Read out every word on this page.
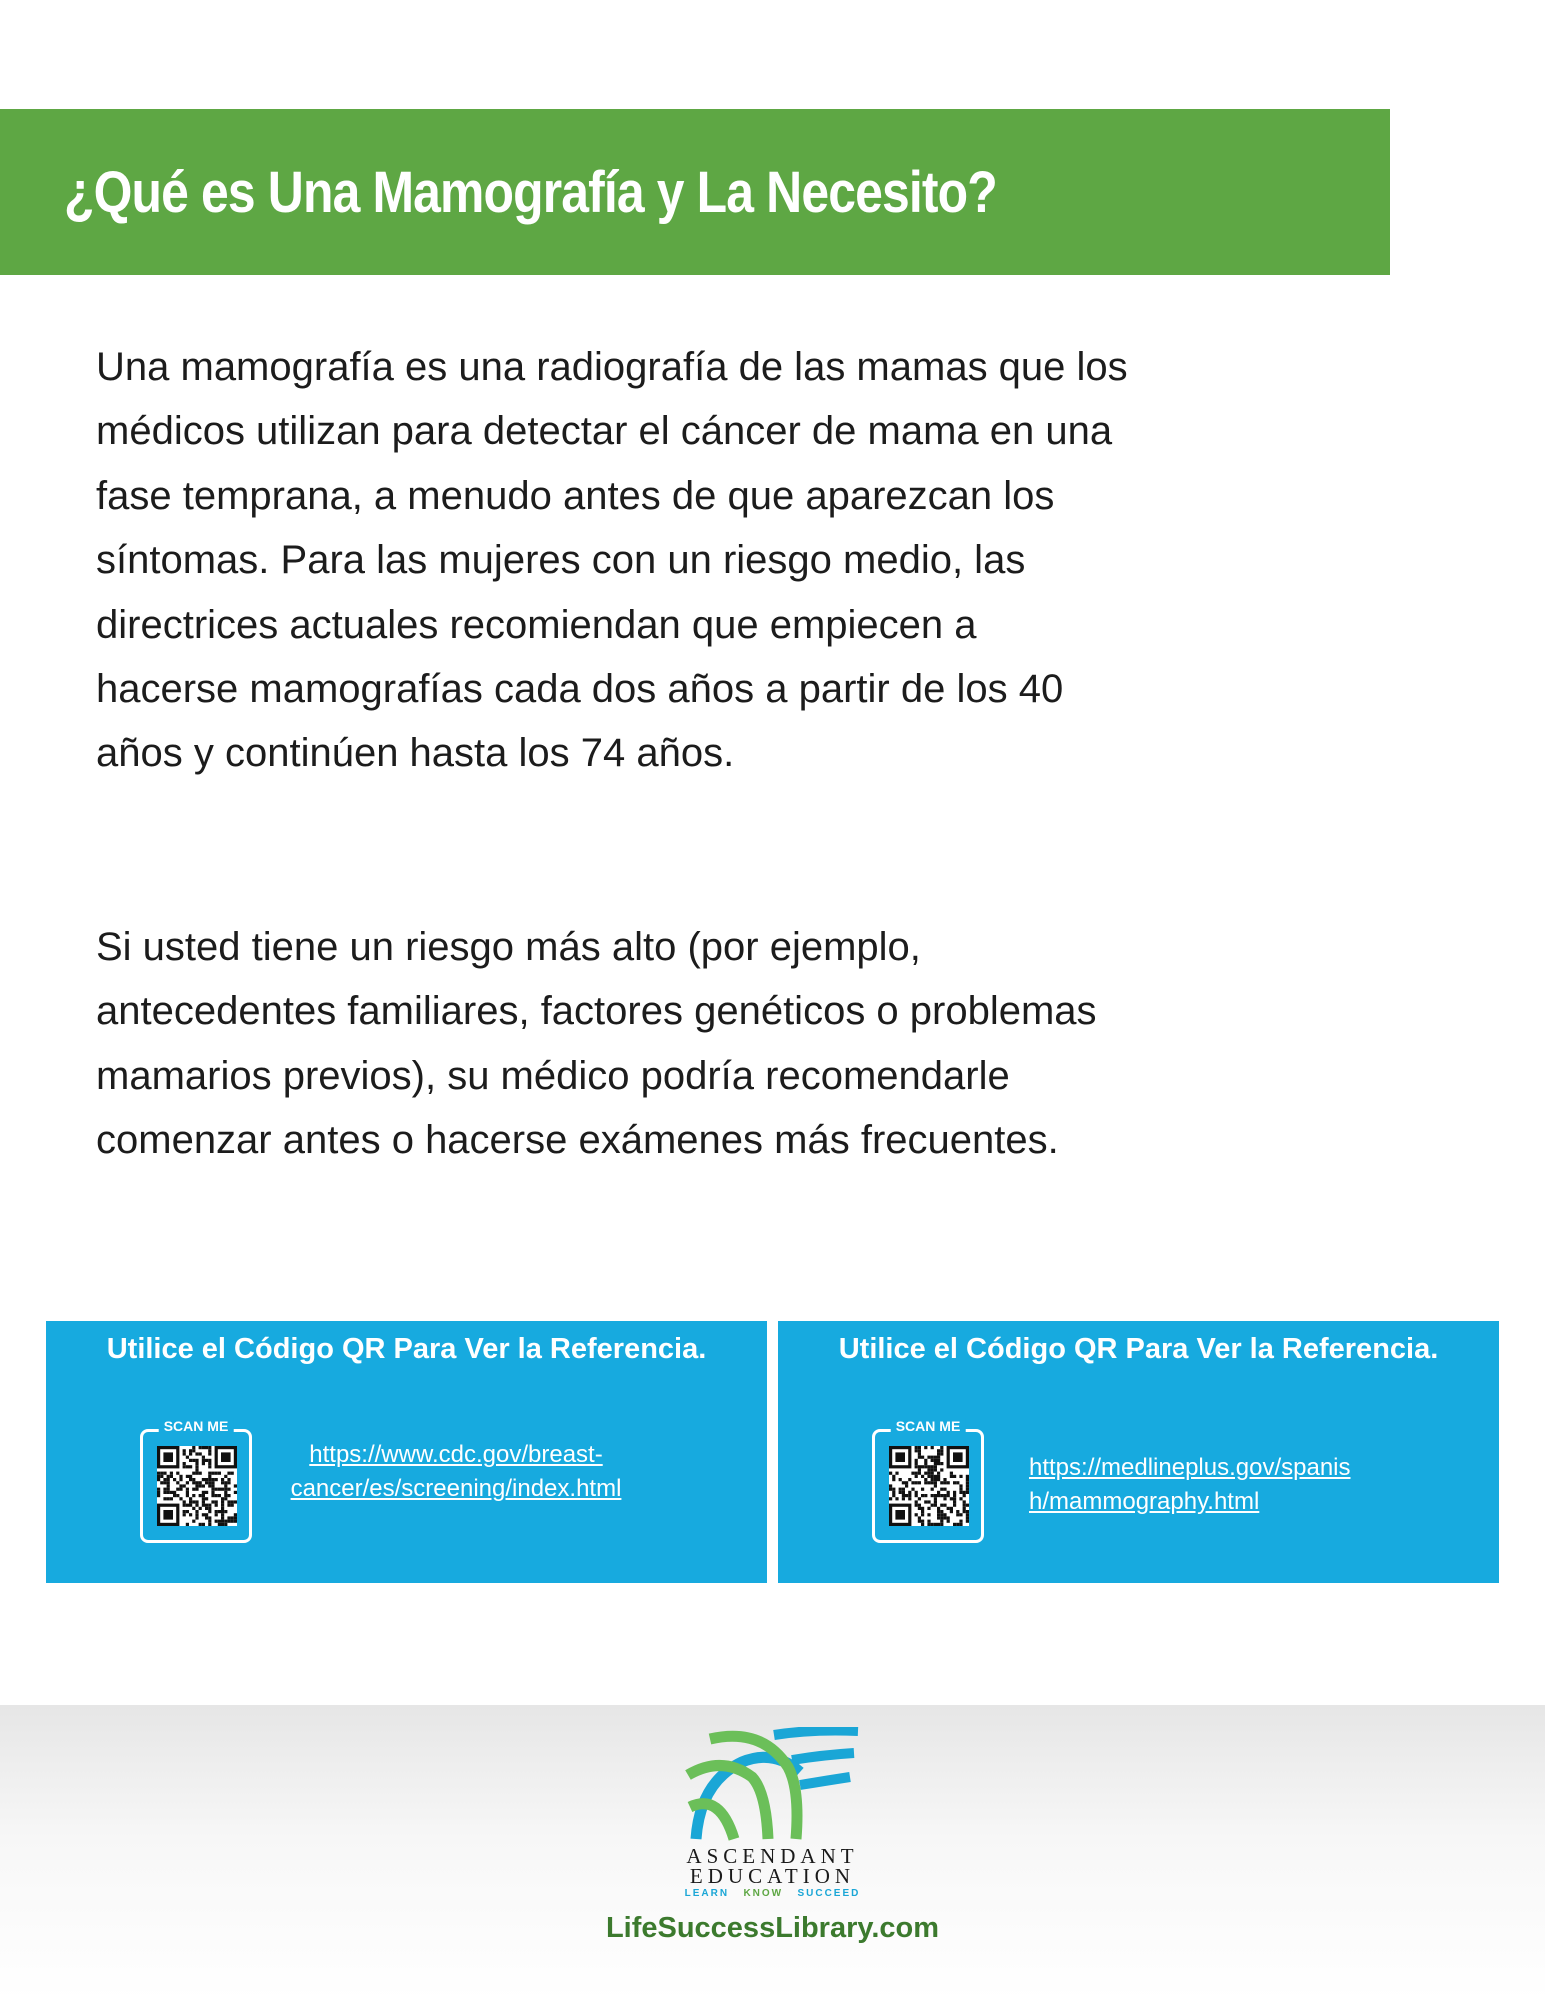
¿Qué es Una Mamografía y La Necesito?

Una mamografía es una radiografía de las mamas que los
médicos utilizan para detectar el cáncer de mama en una
fase temprana, a menudo antes de que aparezcan los
síntomas. Para las mujeres con un riesgo medio, las
directrices actuales recomiendan que empiecen a
hacerse mamografías cada dos años a partir de los 40
años y continúen hasta los 74 años.

Si usted tiene un riesgo más alto (por ejemplo,
antecedentes familiares, factores genéticos o problemas
mamarios previos), su médico podría recomendarle
comenzar antes o hacerse exámenes más frecuentes.

Utilice el Código QR Para Ver la Referencia.
SCAN ME
https://www.cdc.gov/breast-
cancer/es/screening/index.html
Utilice el Código QR Para Ver la Referencia.
SCAN ME
https://medlineplus.gov/spanis
h/mammography.html
ASCENDANT
EDUCATION
LEARN KNOW SUCCEED
LifeSuccessLibrary.com
